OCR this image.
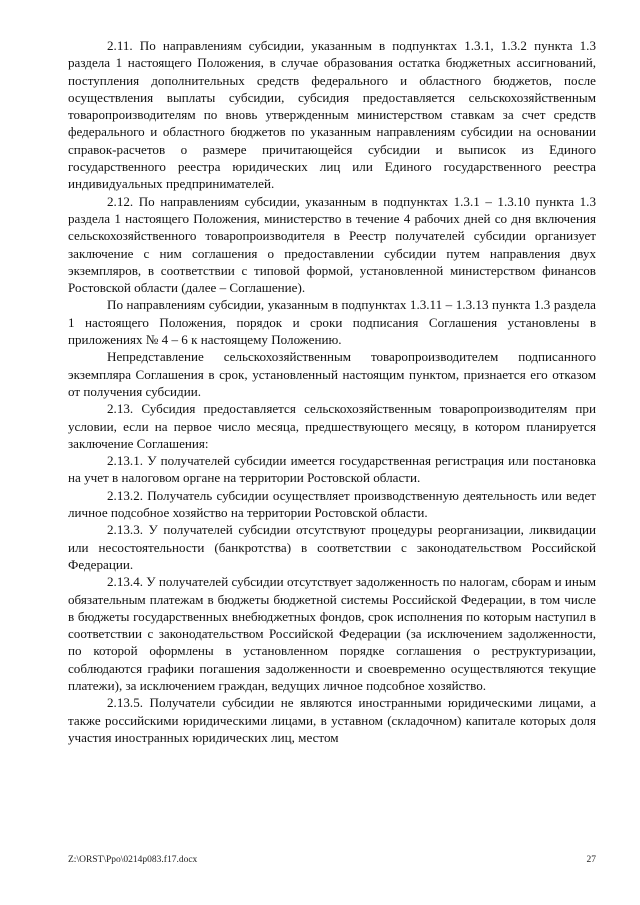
2.11. По направлениям субсидии, указанным в подпунктах 1.3.1, 1.3.2 пункта 1.3 раздела 1 настоящего Положения, в случае образования остатка бюджетных ассигнований, поступления дополнительных средств федерального и областного бюджетов, после осуществления выплаты субсидии, субсидия предоставляется сельскохозяйственным товаропроизводителям по вновь утвержденным министерством ставкам за счет средств федерального и областного бюджетов по указанным направлениям субсидии на основании справок-расчетов о размере причитающейся субсидии и выписок из Единого государственного реестра юридических лиц или Единого государственного реестра индивидуальных предпринимателей.

2.12. По направлениям субсидии, указанным в подпунктах 1.3.1 – 1.3.10 пункта 1.3 раздела 1 настоящего Положения, министерство в течение 4 рабочих дней со дня включения сельскохозяйственного товаропроизводителя в Реестр получателей субсидии организует заключение с ним соглашения о предоставлении субсидии путем направления двух экземпляров, в соответствии с типовой формой, установленной министерством финансов Ростовской области (далее – Соглашение).

По направлениям субсидии, указанным в подпунктах 1.3.11 – 1.3.13 пункта 1.3 раздела 1 настоящего Положения, порядок и сроки подписания Соглашения установлены в приложениях № 4 – 6 к настоящему Положению.

Непредставление сельскохозяйственным товаропроизводителем подписанного экземпляра Соглашения в срок, установленный настоящим пунктом, признается его отказом от получения субсидии.

2.13. Субсидия предоставляется сельскохозяйственным товаропроизводителям при условии, если на первое число месяца, предшествующего месяцу, в котором планируется заключение Соглашения:

2.13.1. У получателей субсидии имеется государственная регистрация или постановка на учет в налоговом органе на территории Ростовской области.

2.13.2. Получатель субсидии осуществляет производственную деятельность или ведет личное подсобное хозяйство на территории Ростовской области.

2.13.3. У получателей субсидии отсутствуют процедуры реорганизации, ликвидации или несостоятельности (банкротства) в соответствии с законодательством Российской Федерации.

2.13.4. У получателей субсидии отсутствует задолженность по налогам, сборам и иным обязательным платежам в бюджеты бюджетной системы Российской Федерации, в том числе в бюджеты государственных внебюджетных фондов, срок исполнения по которым наступил в соответствии с законодательством Российской Федерации (за исключением задолженности, по которой оформлены в установленном порядке соглашения о реструктуризации, соблюдаются графики погашения задолженности и своевременно осуществляются текущие платежи), за исключением граждан, ведущих личное подсобное хозяйство.

2.13.5. Получатели субсидии не являются иностранными юридическими лицами, а также российскими юридическими лицами, в уставном (складочном) капитале которых доля участия иностранных юридических лиц, местом

Z:\ORST\Ppo\0214p083.f17.docx	27
